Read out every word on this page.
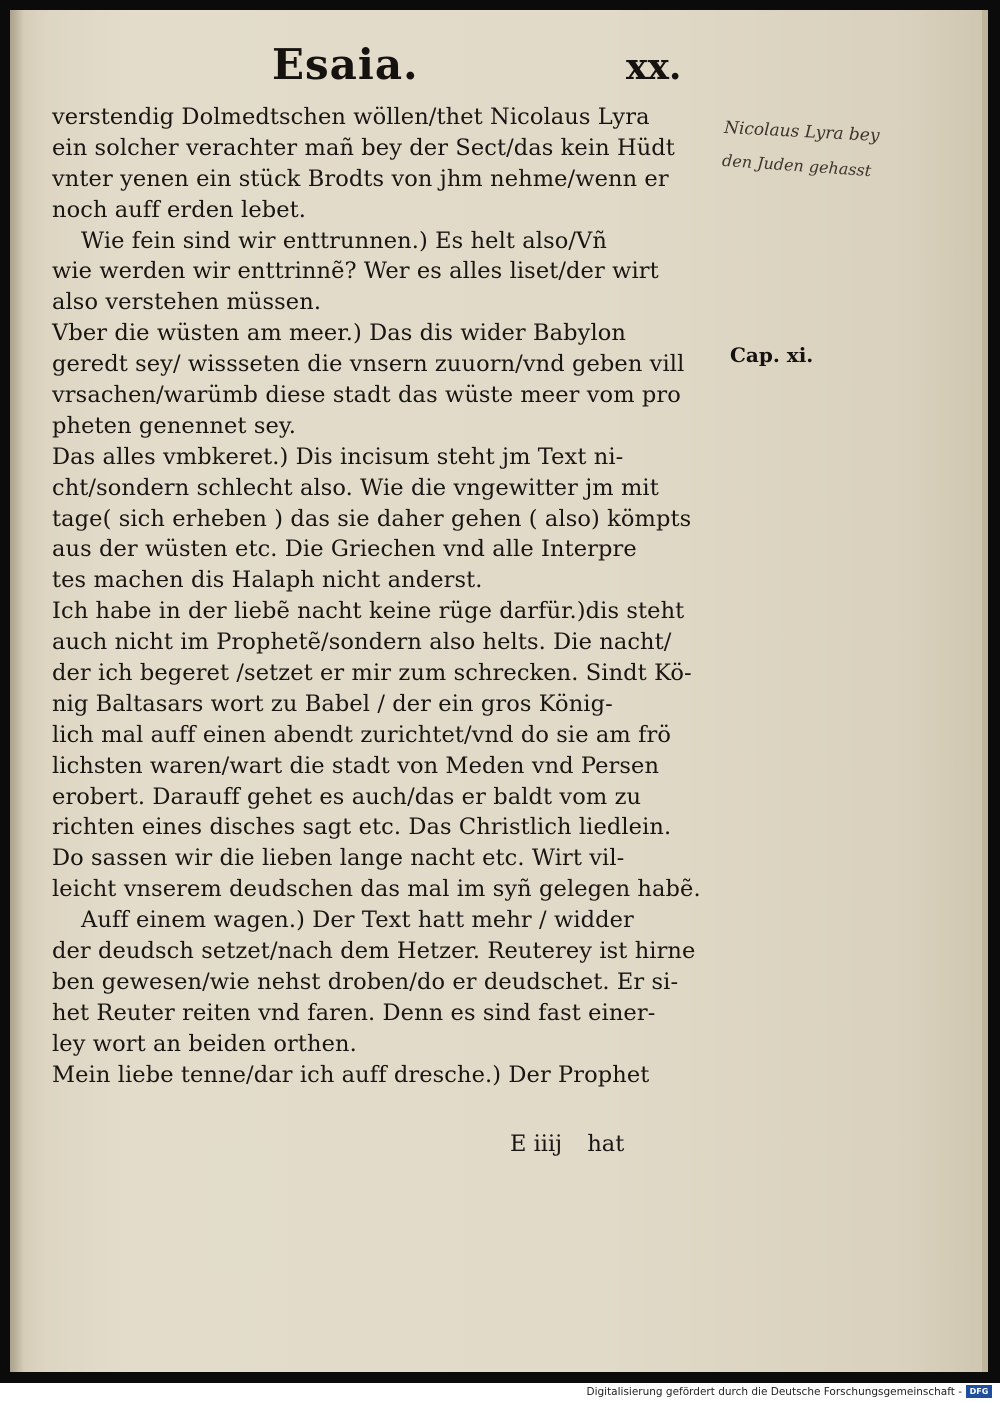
Esaia.	xx.
verstendig Dolmedtschen wöllen/thet Nicolaus Lyra
ein solcher verachter mañ bey der Sect/das kein Hüdt
vnter yenen ein stück Brodts von jhm nehme/wenn er
noch auff erden lebet.
Wie fein sind wir enttrunnen.) Es helt also/Vñ
wie werden wir enttrinnẽ? Wer es alles liset/der wirt
also verstehen müssen.
Vber die wüsten am meer.) Das dis wider Babylon
geredt sey/ wissseten die vnsern zuuorn/vnd geben vill
vrsachen/warümb diese stadt das wüste meer vom pro
pheten genennet sey.
Das alles vmbkeret.) Dis incisum steht jm Text ni-
cht/sondern schlecht also. Wie die vngewitter jm mit
tage( sich erheben ) das sie daher gehen ( also) kömpts
aus der wüsten etc. Die Griechen vnd alle Interpre
tes machen dis Halaph nicht anderst.
Ich habe in der liebẽ nacht keine rüge darfür.)dis steht
auch nicht im Prophetẽ/sondern also helts. Die nacht/
der ich begeret /setzet er mir zum schrecken. Sindt Kö-
nig Baltasars wort zu Babel / der ein gros König-
lich mal auff einen abendt zurichtet/vnd do sie am frö
lichsten waren/wart die stadt von Meden vnd Persen
erobert. Darauff gehet es auch/das er baldt vom zu
richten eines disches sagt etc. Das Christlich liedlein.
Do sassen wir die lieben lange nacht etc. Wirt vil-
leicht vnserem deudschen das mal im syñ gelegen habẽ.
Auff einem wagen.) Der Text hatt mehr / widder
der deudsch setzet/nach dem Hetzer. Reuterey ist hirne
ben gewesen/wie nehst droben/do er deudschet. Er si-
het Reuter reiten vnd faren. Denn es sind fast einer-
ley wort an beiden orthen.
Mein liebe tenne/dar ich auff dresche.) Der Prophet
E iiij hat
Nicolaus Lyra bey
den Juden gehasst
Cap. xi.
Digitalisierung gefördert durch die Deutsche Forschungsgemeinschaft - DFG
